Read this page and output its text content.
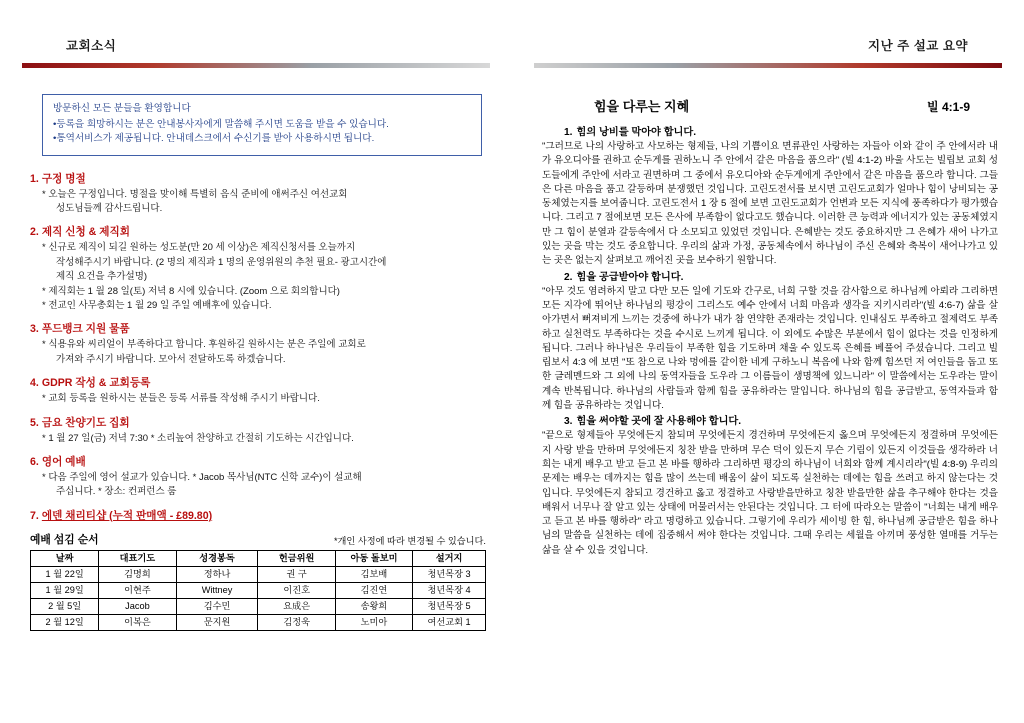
교회소식
방문하신 모든 분들을 환영합니다
•등록을 희망하시는 분은 안내봉사자에게 말씀해 주시면 도움을 받을 수 있습니다.
•통역서비스가 제공됩니다. 안내데스크에서 수신기를 받아 사용하시면 됩니다.
1. 구정 명절
* 오늘은 구정입니다. 명절을 맞이해 특별히 음식 준비에 애써주신 여선교회
성도님들께 감사드립니다.
2. 제직 신청 & 제직회
* 신규로 제직이 되길 원하는 성도분(만 20 세 이상)은 제직신청서를 오늘까지
작성해주시기 바랍니다. (2 명의 제직과 1 명의 운영위원의 추천 필요- 광고시간에
제직 요건을 추가설명)
* 제직회는 1 월 28 일(토) 저녁 8 시에 있습니다. (Zoom 으로 회의합니다)
* 전교인 사무총회는 1 월 29 일 주일 예배후에 있습니다.
3. 푸드뱅크 지원 물품
* 식용유와 씨리얼이 부족하다고 합니다. 후원하길 원하시는 분은 주일에 교회로
가져와 주시기 바랍니다. 모아서 전달하도록 하겠습니다.
4. GDPR 작성 & 교회등록
* 교회 등록을 원하시는 분들은 등록 서류를 작성해 주시기 바랍니다.
5. 금요 찬양기도 집회
* 1 월 27 일(금) 저녁 7:30 * 소리높여 찬양하고 간절히 기도하는 시간입니다.
6. 영어 예배
* 다음 주일에 영어 설교가 있습니다. * Jacob 목사님(NTC 신학 교수)이 설교해
주십니다. * 장소: 컨퍼런스 룸
7. 에덴 채리티샵 (누적 판매액 - £89.80)
예배 섬김 순서	*개인 사정에 따라 변경될 수 있습니다.
날짜	대표기도	성경봉독	헌금위원	아동 돌보미	설거지
1 월 22일	김명희	정하나	권 구	김보배	청년목장 3
1 월 29일	이현주	Wittney	이진호	김진연	청년목장 4
2 월 5일	Jacob	김수민	요成은	송왕희	청년목장 5
2 월 12일	이복은	문지원	김정욱	노미아	여선교회 1
지난 주 설교 요약
힘을 다루는 지혜	빌 4:1-9
1. 힘의 낭비를 막아야 합니다.

"그러므로 나의 사랑하고 사모하는 형제들, 나의 기쁨이요 면류관인 사랑하는 자들아 이와 같이 주 안에서라 내가 유오디아를 권하고 순두게를 권하노니 주 안에서 같은 마음을 품으라" (빌 4:1-2) 바울 사도는 빌립보 교회 성도들에게 주안에 서라고 권면하며 그 중에서 유오디아와 순두게에게 주안에서 같은 마음을 품으라 합니다. 그들은 다른 마음을 품고 갈등하며 분쟁했던 것입니다. 고린도전서를 보시면 고린도교회가 얼마나 힘이 낭비되는 공동체였는지를 보여줍니다. 고린도전서 1 장 5 절에 보면 고린도교회가 언변과 모든 지식에 풍족하다가 평가했습니다. 그리고 7 절에보면 모든 은사에 부족함이 없다고도 했습니다. 이러한 큰 능력과 에너지가 있는 공동체였지만 그 힘이 분열과 갈등속에서 다 소모되고 있었던 것입니다. 은혜받는 것도 중요하지만 그 은혜가 새어 나가고 있는 곳을 막는 것도 중요합니다. 우리의 삶과 가정, 공동체속에서 하나님이 주신 은혜와 축복이 새어나가고 있는 곳은 없는지 살펴보고 깨어진 곳을 보수하기 원합니다.

2. 힘을 공급받아야 합니다.

"아무 것도 염려하지 말고 다만 모든 일에 기도와 간구로, 너희 구할 것을 감사함으로 하나님께 아뢰라 그리하면 모든 지각에 뛰어난 하나님의 평강이 그리스도 예수 안에서 너희 마음과 생각을 지키시리라"(빌 4:6-7) 삶을 살아가면서 뻐져비게 느끼는 것중에 하나가 내가 참 연약한 존재라는 것입니다. 인내심도 부족하고 절제력도 부족하고 실천력도 부족하다는 것을 수시로 느끼게 됩니다. 이 외에도 수많은 부분에서 힘이 없다는 것을 인정하게 됩니다. 그러나 하나님은 우리들이 부족한 힘을 기도하며 채울 수 있도록 은혜를 베풀어 주셨습니다. 그리고 빌립보서 4:3 에 보면 "또 참으로 나와 멍에를 같이한 네게 구하노니 복음에 나와 함께 힘쓰던 저 여인들을 돕고 또한 글레멘드와 그 외에 나의 동역자들을 도우라 그 이름들이 생명책에 있느니라" 이 말씀에서는 도우라는 말이 계속 반복됩니다. 하나님의 사람들과 함께 힘을 공유하라는 말입니다. 하나님의 힘을 공급받고, 동역자들과 함께 힘을 공유하라는 것입니다.

3. 힘을 써야할 곳에 잘 사용해야 합니다.

"끝으로 형제들아 무엇에든지 참되며 무엇에든지 경건하며 무엇에든지 옳으며 무엇에든지 정결하며 무엇에든지 사랑 받을 만하며 무엇에든지 칭찬 받을 만하며 무슨 덕이 있든지 무슨 기림이 있든지 이것들을 생각하라 너희는 내게 배우고 받고 듣고 본 바를 행하라 그리하면 평강의 하나님이 너희와 함께 계시리라"(빌 4:8-9) 우리의 문제는 배우는 데까지는 힘을 많이 쓰는데 배움이 삶이 되도록 실천하는 데에는 힘을 쓰려고 하지 않는다는 것입니다. 무엇에든지 참되고 경건하고 옳고 정결하고 사랑받을만하고 칭찬 받을만한 삶을 추구해야 한다는 것을 배워서 너무나 잘 알고 있는 상태에 머물러서는 안된다는 것입니다. 그 터에 따라오는 말씀이 "너희는 내게 배우고 듣고 본 바를 행하라" 라고 명령하고 있습니다. 그렇기에 우리가 세이빙 한 힘, 하나님께 공급받은 힘을 하나님의 말씀을 실천하는 데에 집중해서 써야 한다는 것입니다. 그때 우리는 세월을 아끼며 풍성한 열매를 거두는 삶을 살 수 있을 것입니다.
